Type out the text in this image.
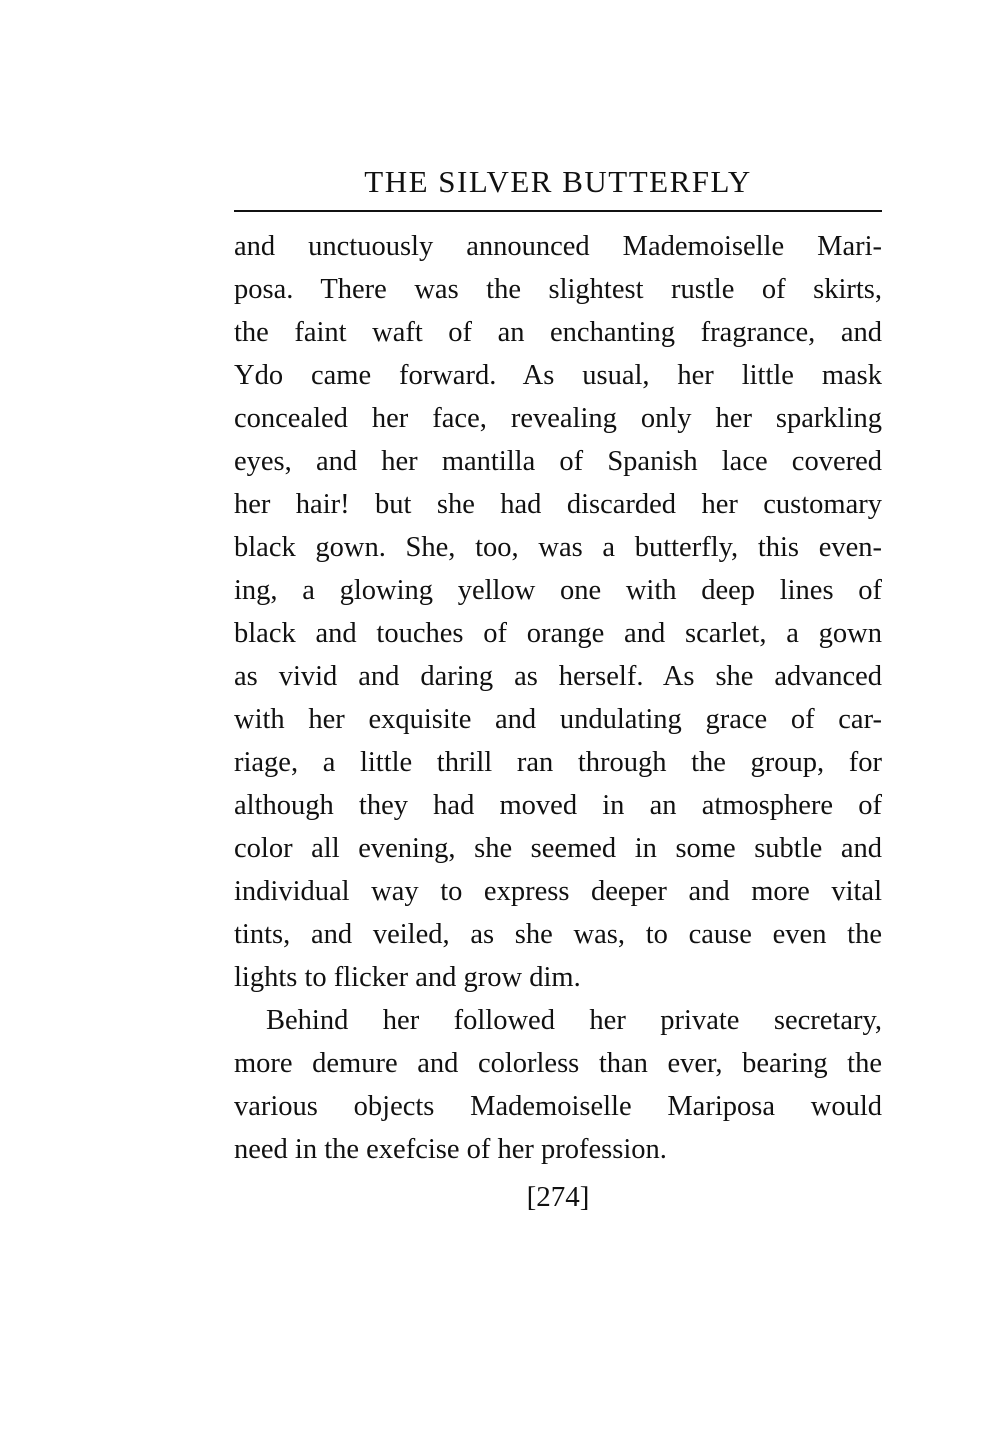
THE SILVER BUTTERFLY
and unctuously announced Mademoiselle Mari-
posa. There was the slightest rustle of skirts,
the faint waft of an enchanting fragrance, and
Ydo came forward. As usual, her little mask
concealed her face, revealing only her sparkling
eyes, and her mantilla of Spanish lace covered
her hair! but she had discarded her customary
black gown. She, too, was a butterfly, this even-
ing, a glowing yellow one with deep lines of
black and touches of orange and scarlet, a gown
as vivid and daring as herself. As she advanced
with her exquisite and undulating grace of car-
riage, a little thrill ran through the group, for
although they had moved in an atmosphere of
color all evening, she seemed in some subtle and
individual way to express deeper and more vital
tints, and veiled, as she was, to cause even the
lights to flicker and grow dim.
Behind her followed her private secretary,
more demure and colorless than ever, bearing the
various objects Mademoiselle Mariposa would
need in the exefcise of her profession.
[274]
